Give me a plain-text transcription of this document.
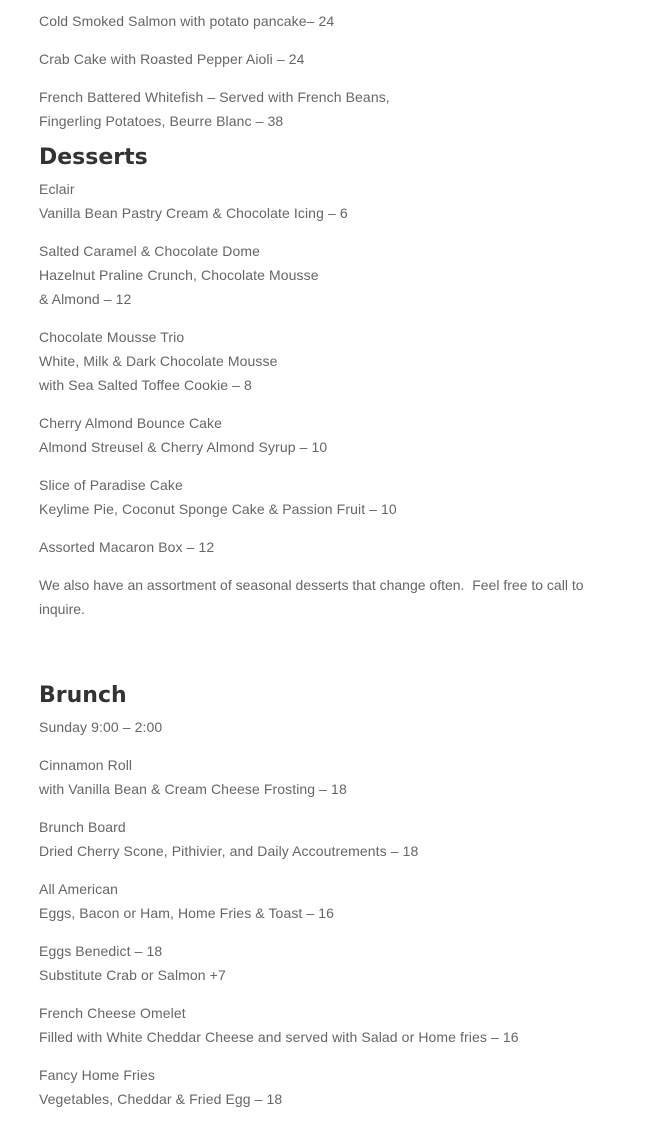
Cold Smoked Salmon with potato pancake– 24

Crab Cake with Roasted Pepper Aioli – 24

French Battered Whitefish – Served with French Beans,
Fingerling Potatoes, Beurre Blanc – 38

Desserts

Eclair
Vanilla Bean Pastry Cream & Chocolate Icing – 6

Salted Caramel & Chocolate Dome
Hazelnut Praline Crunch, Chocolate Mousse
& Almond – 12

Chocolate Mousse Trio
White, Milk & Dark Chocolate Mousse
with Sea Salted Toffee Cookie – 8

Cherry Almond Bounce Cake
Almond Streusel & Cherry Almond Syrup – 10

Slice of Paradise Cake
Keylime Pie, Coconut Sponge Cake & Passion Fruit – 10

Assorted Macaron Box – 12

We also have an assortment of seasonal desserts that change often.  Feel free to call to
inquire.

Brunch

Sunday 9:00 – 2:00

Cinnamon Roll
with Vanilla Bean & Cream Cheese Frosting – 18

Brunch Board
Dried Cherry Scone, Pithivier, and Daily Accoutrements – 18

All American
Eggs, Bacon or Ham, Home Fries & Toast – 16

Eggs Benedict – 18
Substitute Crab or Salmon +7

French Cheese Omelet
Filled with White Cheddar Cheese and served with Salad or Home fries – 16

Fancy Home Fries
Vegetables, Cheddar & Fried Egg – 18
